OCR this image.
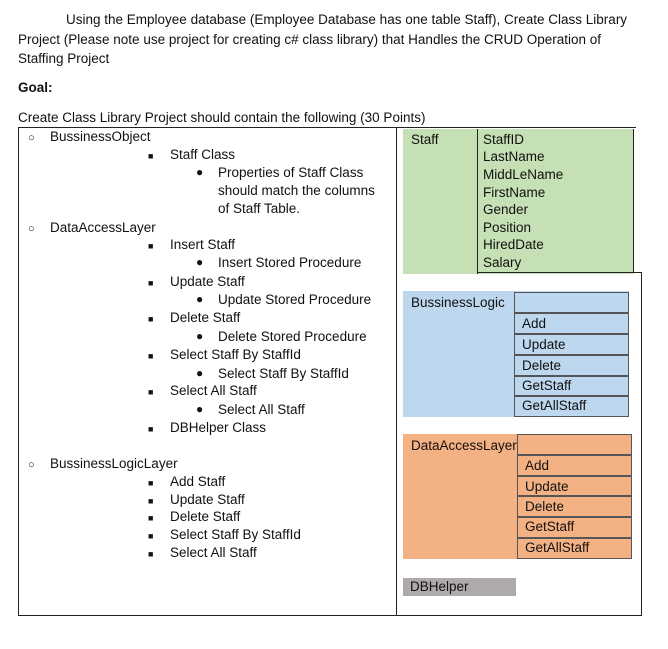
Using the Employee database (Employee Database has one table Staff), Create Class Library
Project (Please note use project for creating c# class library) that Handles the CRUD Operation of
Staffing Project
Goal:
Create Class Library Project should contain the following (30 Points)
○ BussinessObject
■ Staff Class
● Properties of Staff Class
should match the columns
of Staff Table.
○ DataAccessLayer
■ Insert Staff
● Insert Stored Procedure
■ Update Staff
● Update Stored Procedure
■ Delete Staff
● Delete Stored Procedure
■ Select Staff By StaffId
● Select Staff By StaffId
■ Select All Staff
● Select All Staff
■ DBHelper Class
○ BussinessLogicLayer
■ Add Staff
■ Update Staff
■ Delete Staff
■ Select Staff By StaffId
■ Select All Staff
Staff	StaffID
LastName
MiddLeName
FirstName
Gender
Position
HiredDate
Salary
BussinessLogic
Add
Update
Delete
GetStaff
GetAllStaff
DataAccessLayer
Add
Update
Delete
GetStaff
GetAllStaff
DBHelper
